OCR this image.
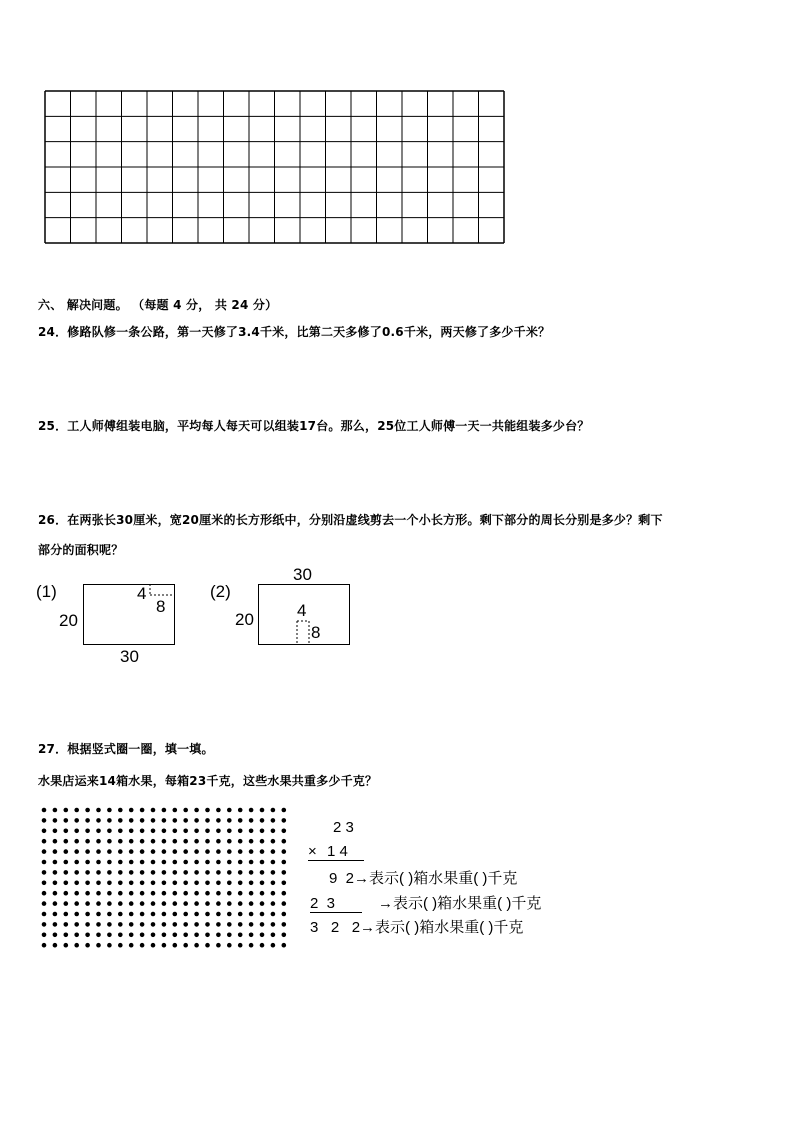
六、 解决问题。 （每题 4 分， 共 24 分）
24．修路队修一条公路，第一天修了3.4千米，比第二天多修了0.6千米，两天修了多少千米？
25．工人师傅组装电脑，平均每人每天可以组装17台。那么，25位工人师傅一天一共能组装多少台？
26．在两张长30厘米，宽20厘米的长方形纸中，分别沿虚线剪去一个小长方形。剩下部分的周长分别是多少？剩下
部分的面积呢？
(1)	4
8
20
30
(2)
30
4
8
20
27．根据竖式圈一圈，填一填。
水果店运来14箱水果，每箱23千克，这些水果共重多少千克？
2 3
× 1 4
9  2→表示( )箱水果重( )千克
2  3	→表示( )箱水果重( )千克
3   2   2→表示( )箱水果重( )千克
